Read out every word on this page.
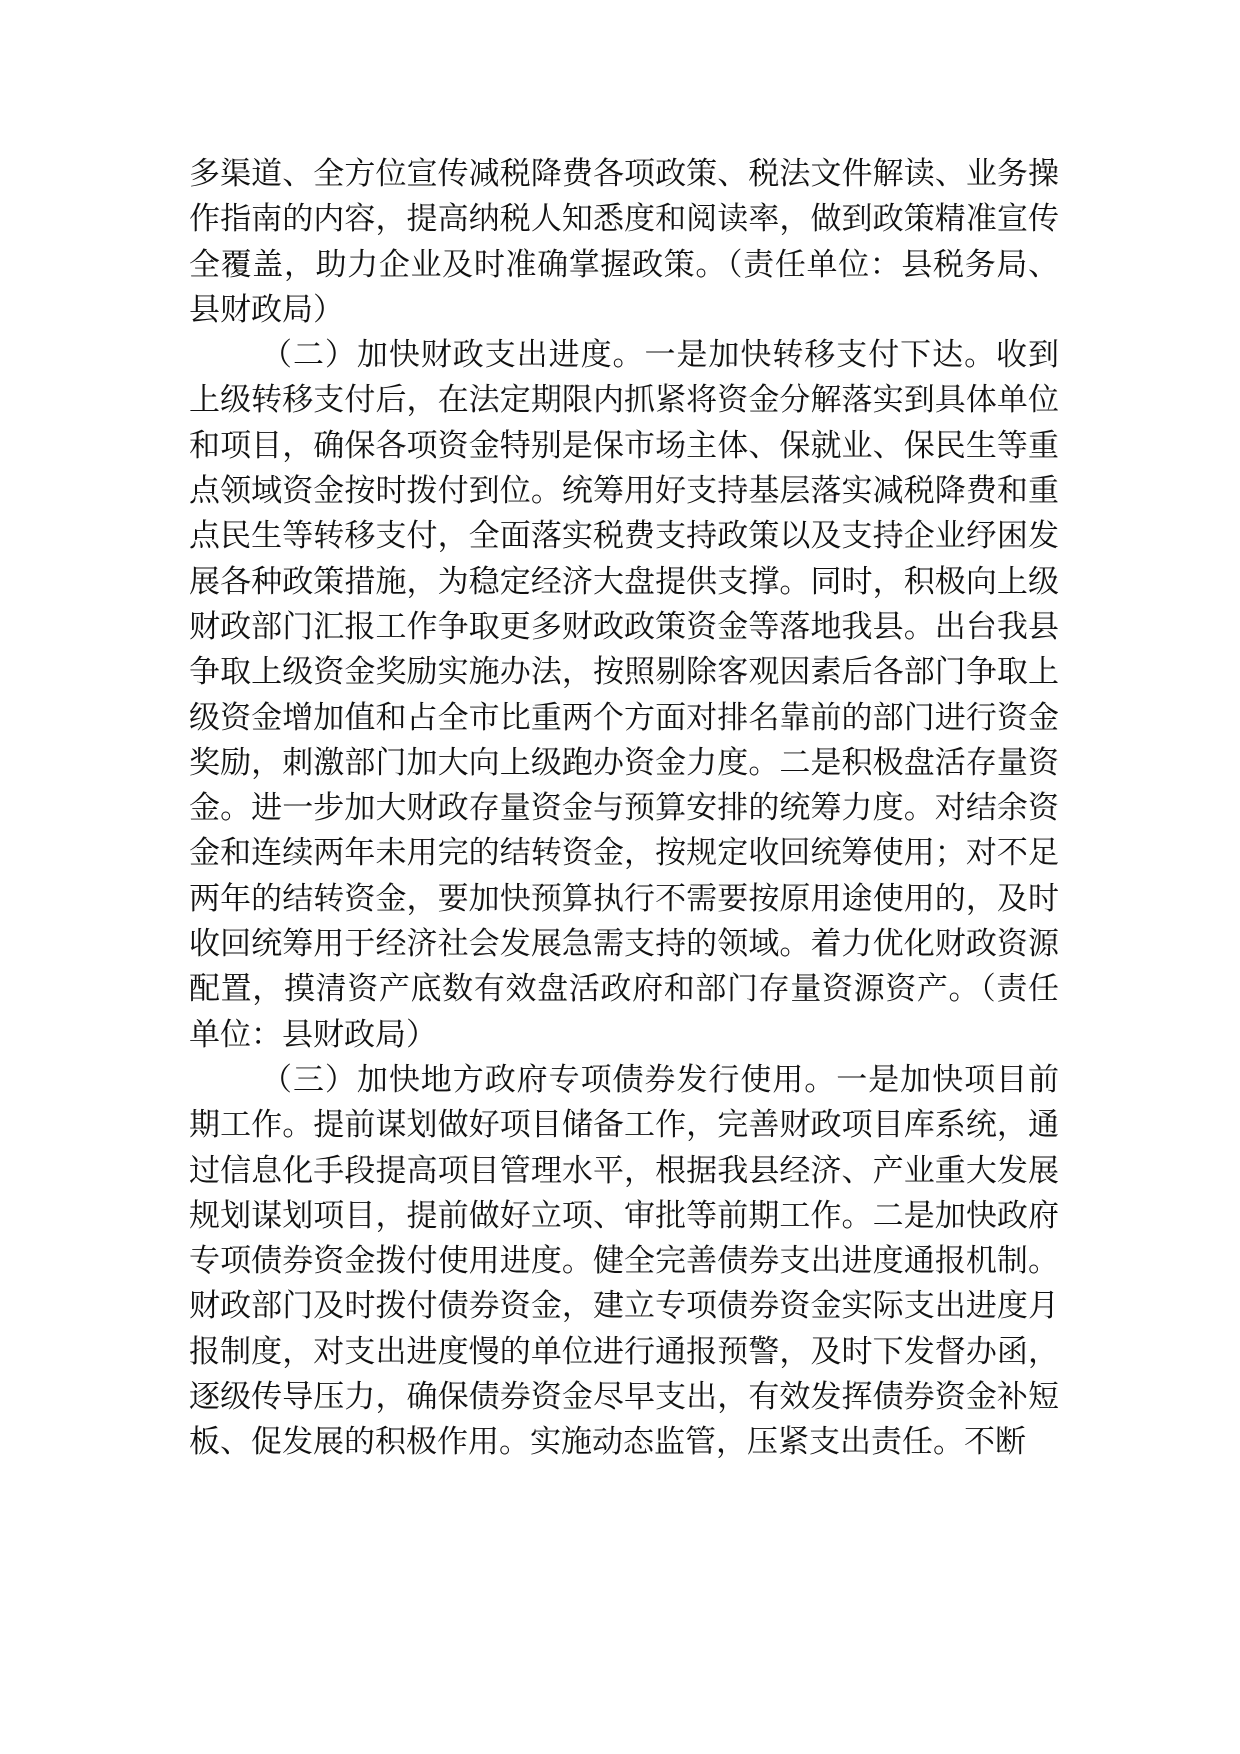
多渠道、全方位宣传减税降费各项政策、税法文件解读、业务操作指南的内容，提高纳税人知悉度和阅读率，做到政策精准宣传全覆盖，助力企业及时准确掌握政策。（责任单位：县税务局、县财政局）

（二）加快财政支出进度。一是加快转移支付下达。收到上级转移支付后，在法定期限内抓紧将资金分解落实到具体单位和项目，确保各项资金特别是保市场主体、保就业、保民生等重点领域资金按时拨付到位。统筹用好支持基层落实减税降费和重点民生等转移支付，全面落实税费支持政策以及支持企业纾困发展各种政策措施，为稳定经济大盘提供支撑。同时，积极向上级财政部门汇报工作争取更多财政政策资金等落地我县。出台我县争取上级资金奖励实施办法，按照剔除客观因素后各部门争取上级资金增加值和占全市比重两个方面对排名靠前的部门进行资金奖励，刺激部门加大向上级跑办资金力度。二是积极盘活存量资金。进一步加大财政存量资金与预算安排的统筹力度。对结余资金和连续两年未用完的结转资金，按规定收回统筹使用；对不足两年的结转资金，要加快预算执行不需要按原用途使用的，及时收回统筹用于经济社会发展急需支持的领域。着力优化财政资源配置，摸清资产底数有效盘活政府和部门存量资源资产。（责任单位：县财政局）

（三）加快地方政府专项债券发行使用。一是加快项目前期工作。提前谋划做好项目储备工作，完善财政项目库系统，通过信息化手段提高项目管理水平，根据我县经济、产业重大发展规划谋划项目，提前做好立项、审批等前期工作。二是加快政府专项债券资金拨付使用进度。健全完善债券支出进度通报机制。财政部门及时拨付债券资金，建立专项债券资金实际支出进度月报制度，对支出进度慢的单位进行通报预警，及时下发督办函，逐级传导压力，确保债券资金尽早支出，有效发挥债券资金补短板、促发展的积极作用。实施动态监管，压紧支出责任。不断
